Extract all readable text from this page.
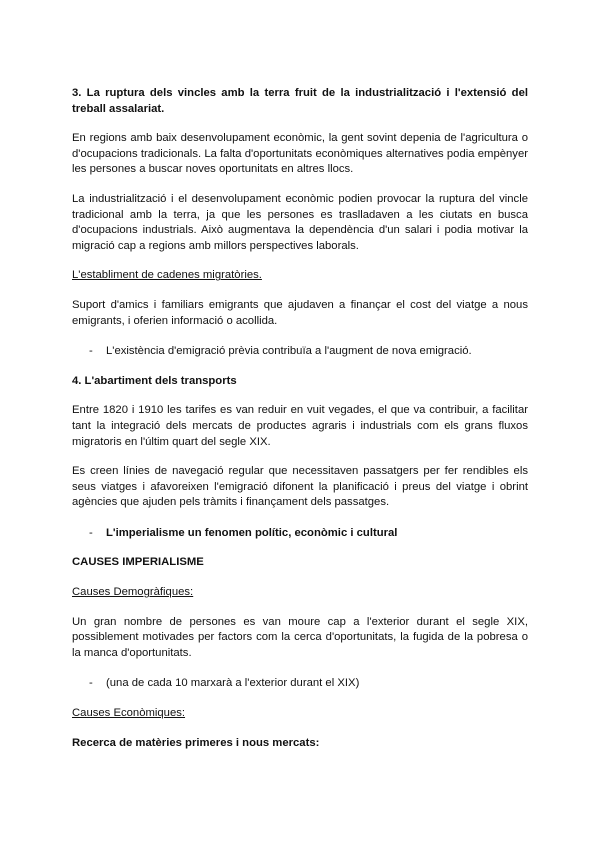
3. La ruptura dels vincles amb la terra fruit de la industrialització i l'extensió del treball assalariat.

En regions amb baix desenvolupament econòmic, la gent sovint depenia de l'agricultura o d'ocupacions tradicionals. La falta d'oportunitats econòmiques alternatives podia empènyer les persones a buscar noves oportunitats en altres llocs.

La industrialització i el desenvolupament econòmic podien provocar la ruptura del vincle tradicional amb la terra, ja que les persones es traslladaven a les ciutats en busca d'ocupacions industrials. Això augmentava la dependència d'un salari i podia motivar la migració cap a regions amb millors perspectives laborals.

L'establiment de cadenes migratòries.

Suport d'amics i familiars emigrants que ajudaven a finançar el cost del viatge a nous emigrants, i oferien informació o acollida.

-	L'existència d'emigració prèvia contribuïa a l'augment de nova emigració.

4. L'abartiment dels transports

Entre 1820 i 1910 les tarifes es van reduir en vuit vegades, el que va contribuir, a facilitar tant la integració dels mercats de productes agraris i industrials com els grans fluxos migratoris en l'últim quart del segle XIX.

Es creen línies de navegació regular que necessitaven passatgers per fer rendibles els seus viatges i afavoreixen l'emigració difonent la planificació i preus del viatge i obrint agències que ajuden pels tràmits i finançament dels passatges.

-	L'imperialisme un fenomen polític, econòmic i cultural

CAUSES IMPERIALISME

Causes Demogràfiques:

Un gran nombre de persones es van moure cap a l'exterior durant el segle XIX, possiblement motivades per factors com la cerca d'oportunitats, la fugida de la pobresa o la manca d'oportunitats.

-	(una de cada 10 marxarà a l'exterior durant el XIX)

Causes Econòmiques:

Recerca de matèries primeres i nous mercats:
